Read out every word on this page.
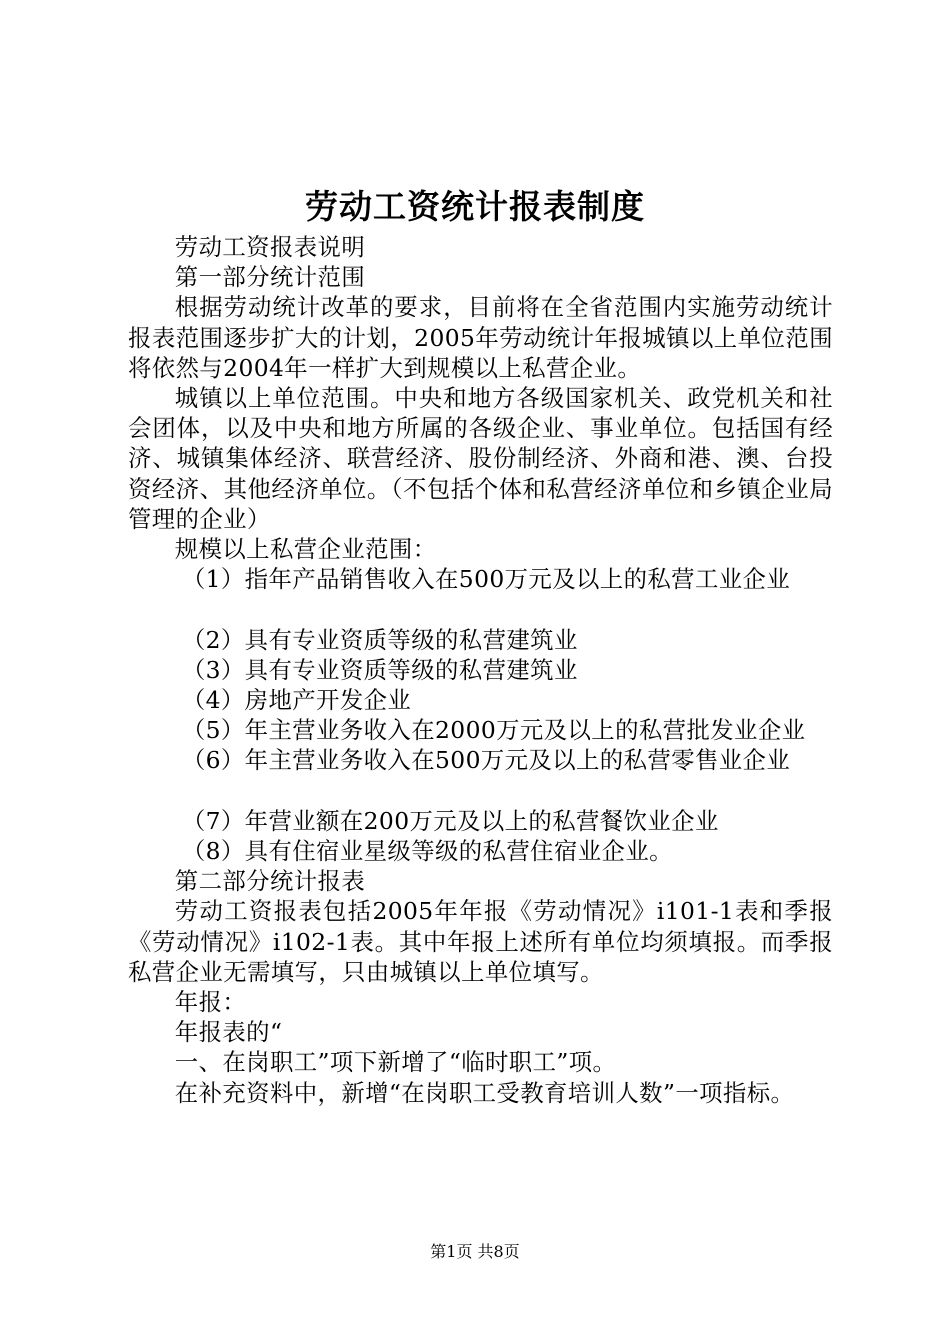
劳动工资统计报表制度

劳动工资报表说明

第一部分统计范围

根据劳动统计改革的要求，目前将在全省范围内实施劳动统计报表范围逐步扩大的计划，2005年劳动统计年报城镇以上单位范围将依然与2004年一样扩大到规模以上私营企业。

城镇以上单位范围。中央和地方各级国家机关、政党机关和社会团体，以及中央和地方所属的各级企业、事业单位。包括国有经济、城镇集体经济、联营经济、股份制经济、外商和港、澳、台投资经济、其他经济单位。（不包括个体和私营经济单位和乡镇企业局管理的企业）

规模以上私营企业范围：

（1）指年产品销售收入在500万元及以上的私营工业企业

（2）具有专业资质等级的私营建筑业

（3）具有专业资质等级的私营建筑业

（4）房地产开发企业

（5）年主营业务收入在2000万元及以上的私营批发业企业

（6）年主营业务收入在500万元及以上的私营零售业企业

（7）年营业额在200万元及以上的私营餐饮业企业

（8）具有住宿业星级等级的私营住宿业企业。

第二部分统计报表

劳动工资报表包括2005年年报《劳动情况》i101-1表和季报《劳动情况》i102-1表。其中年报上述所有单位均须填报。而季报私营企业无需填写，只由城镇以上单位填写。

年报：

年报表的“

一、在岗职工”项下新增了“临时职工”项。

在补充资料中，新增“在岗职工受教育培训人数”一项指标。

第1页 共8页
